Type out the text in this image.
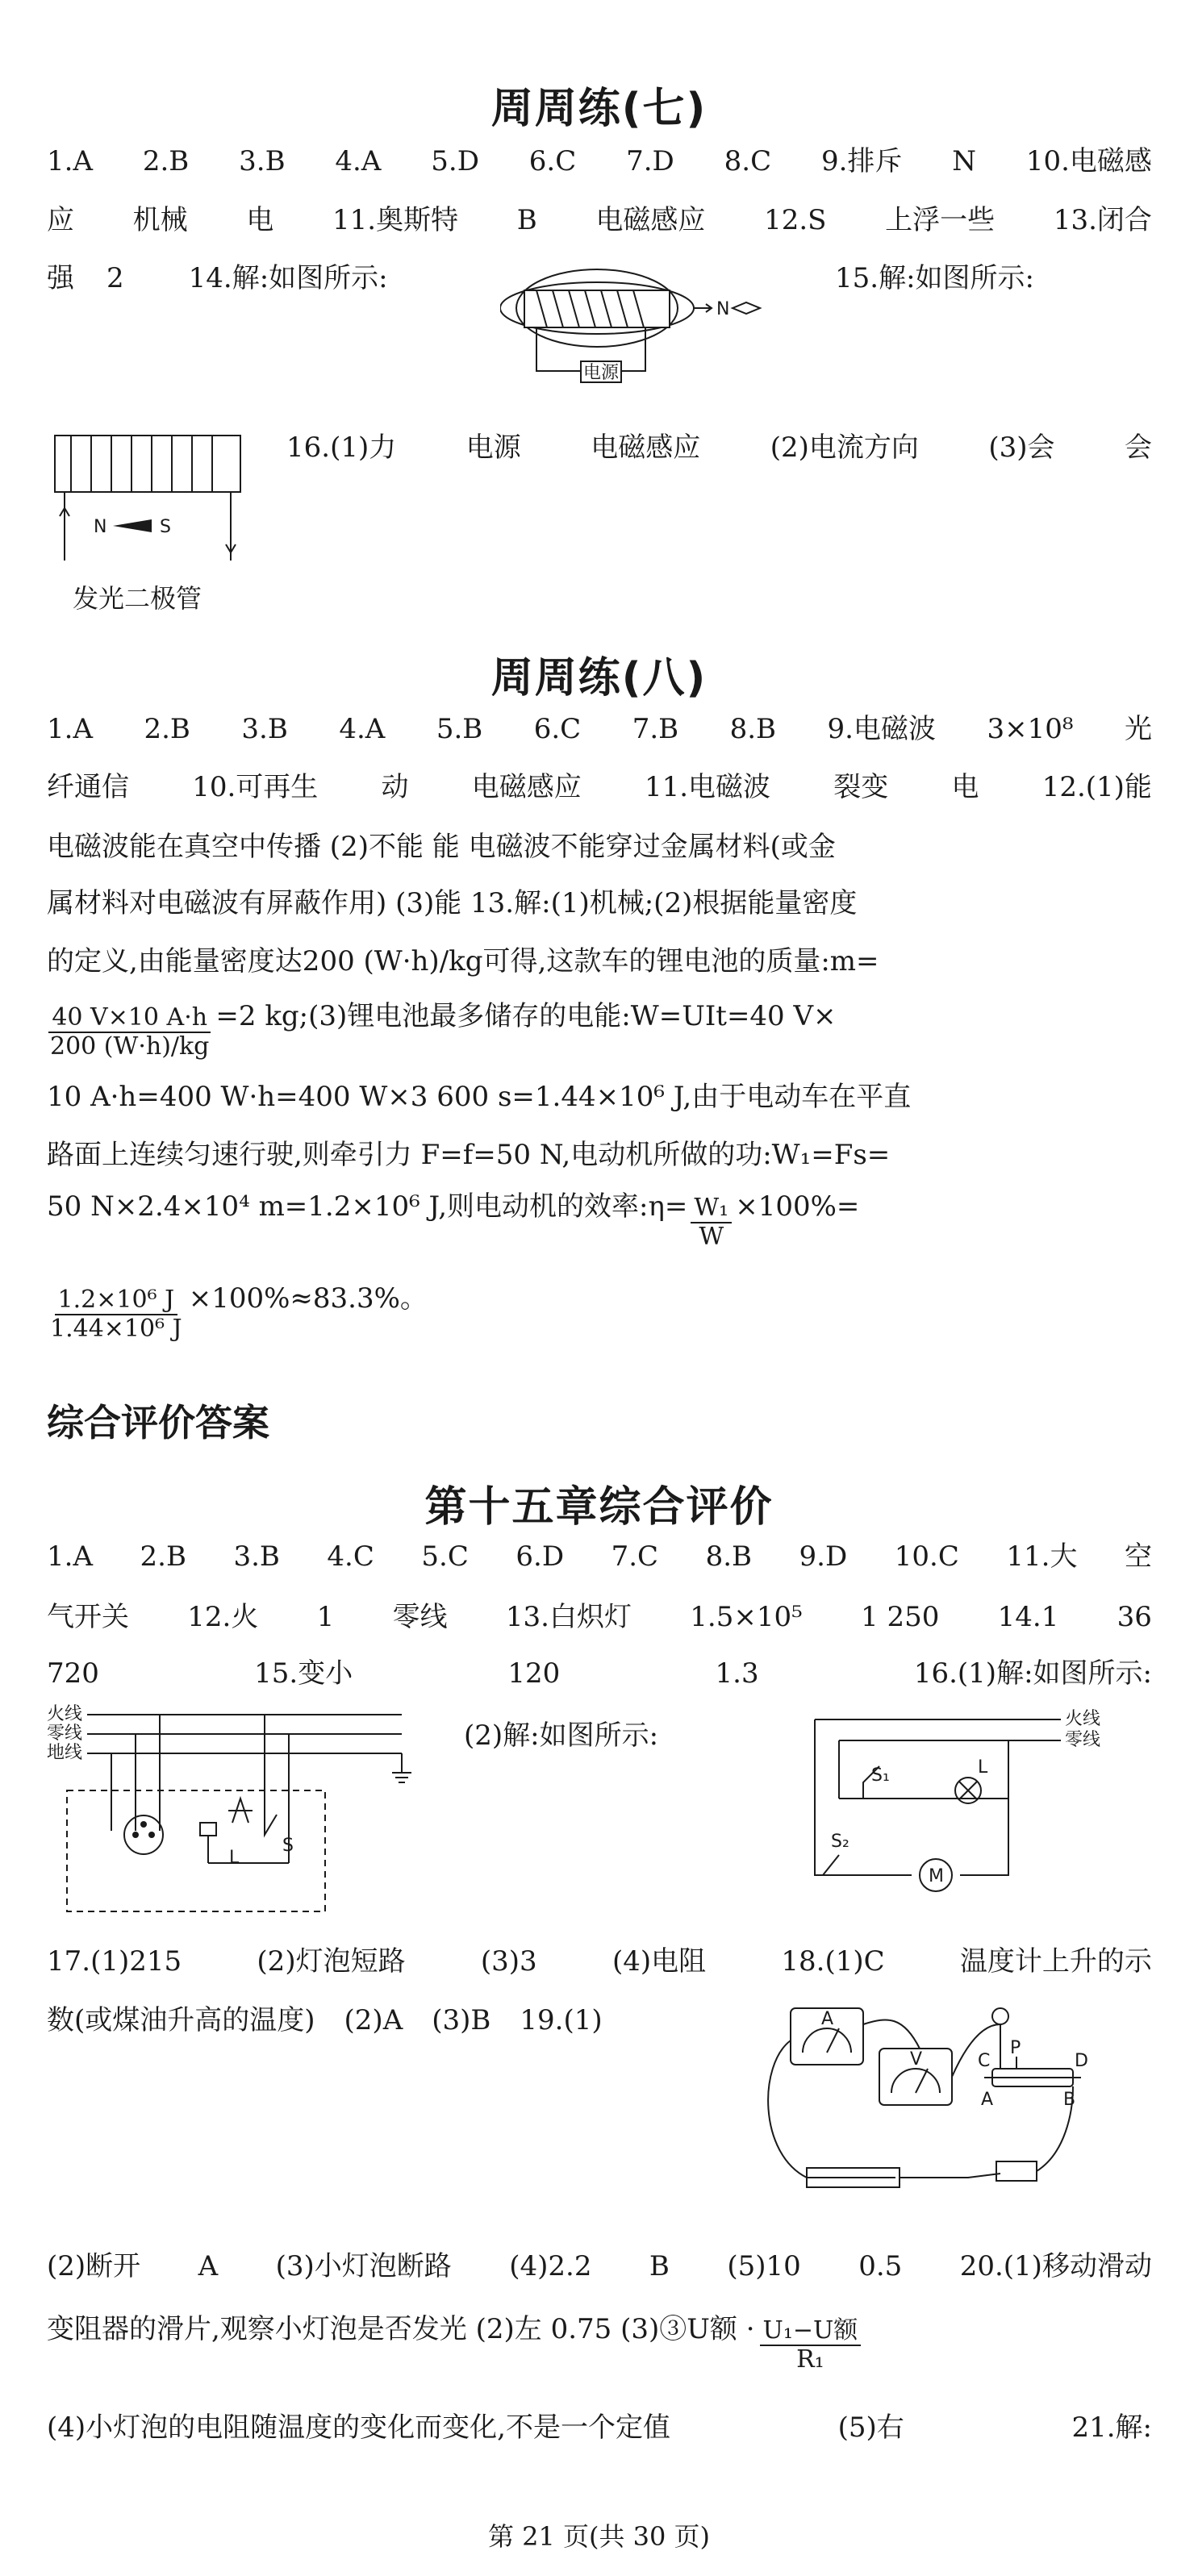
周周练(七)
1.A 2.B 3.B 4.A 5.D 6.C 7.D 8.C 9.排斥 N 10.电磁感
应 机械 电 11.奥斯特 B 电磁感应 12.S 上浮一些 13.闭合
强 2 14.解:如图所示:	15.解:如图所示:
电源
N
N	S
发光二极管
16.(1)力	电源	电磁感应	(2)电流方向	(3)会	会
周周练(八)
1.A 2.B 3.B 4.A 5.B 6.C 7.B 8.B 9.电磁波 3×10⁸ 光
纤通信 10.可再生 动 电磁感应 11.电磁波 裂变 电 12.(1)能
电磁波能在真空中传播 (2)不能 能 电磁波不能穿过金属材料(或金
属材料对电磁波有屏蔽作用) (3)能 13.解:(1)机械;(2)根据能量密度
的定义,由能量密度达200 (W·h)/kg可得,这款车的锂电池的质量:m=
$\frac{40 V\times 10 A\cdot h}{200 (W\cdot h)/kg} =2$ kg;(3)锂电池最多储存的电能:W=UIt=40 V×
10 A·h=400 W·h=400 W×3 600 s=1.44×10⁶ J,由于电动车在平直
路面上连续匀速行驶,则牵引力 F=f=50 N,电动机所做的功:W₁=Fs=
50 N×2.4×10⁴ m=1.2×10⁶ J,则电动机的效率:η= $\frac{\text{W₁}}{W} \times 100\%=$
$\frac{\text{1.2×10⁶ J}}{\text{1.44×10⁶ J}} \times 100\%\approx 83.3\%$。
综合评价答案
第十五章综合评价
1.A 2.B 3.B 4.C 5.C 6.D 7.C 8.B 9.D 10.C 11.大 空
气开关 12.火 1 零线 13.白炽灯 1.5×10⁵ 1 250 14.1 36
720	15.变小	120	1.3	16.(1)解:如图所示:
火线
零线
地线
L
S
(2)解:如图所示:
火线
零线
S₁	L
S₂
M
17.(1)215	(2)灯泡短路	(3)3	(4)电阻	18.(1)C	温度计上升的示
数(或煤油升高的温度) (2)A (3)B 19.(1)	A
V	C
P
D
A	B
(2)断开 A (3)小灯泡断路 (4)2.2 B (5)10 0.5 20.(1)移动滑动
变阻器的滑片,观察小灯泡是否发光 (2)左 0.75 (3)③U额 · $\frac{\text{U₁−U额}}{\text{R₁}}$
(4)小灯泡的电阻随温度的变化而变化,不是一个定值	(5)右	21.解:
第 21 页(共 30 页)
